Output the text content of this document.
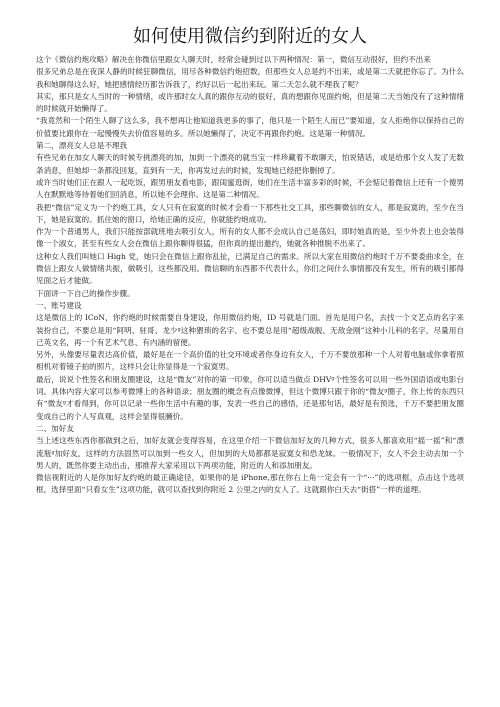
如何使用微信约到附近的女人

这个《微信约炮攻略》解决在你微信里跟女人聊天时，经常会碰到过以下两种情况：第一，微信互动很好，但约不出来

很多兄弟总是在夜深人静的时候狂聊微信，用尽各种微信约炮招数，但那些女人总是约不出来，或是第二天就把你忘了。为什么我和她聊得这么好，她把感情经历都告诉我了，约好以后一起出来玩。第二天怎么就不理我了呢？

其实，那只是女人当时的一种情绪，或许那时女人真的跟你互动的很好，真的想跟你见面约炮，但是第二天当她没有了这种情绪的时候就开始懒得了。

“我竟然和一个陌生人聊了这么多，我不想再让他知道我更多的事了，他只是一个陌生人而已”要知道，女人拒绝你以保持自己的价值要比跟你在一起慢慢失去价值容易的多。所以她懒得了，决定不再跟你约炮。这是第一种情况。

第二，漂亮女人总是不理我

有些兄弟在加女人聊天的时候专挑漂亮的加，加到一个漂亮的就当宝一样珍藏着不敢聊天，怕说错话，或是给那个女人发了无数条消息，但她却一条都没回复，直到有一天，你再发过去的时候，发现她已经把你删掉了。

或许当时她们正在跟人一起吃饭，跟男朋友看电影，跟闺蜜逛街，她们在生活丰富多彩的时候，不会惦记着微信上还有一个傻男人在默默地等待着她们回消息，所以她不会理你。这是第二种情况。

我把“微信”定义为一个约炮工具，女人只有在寂寞的时候才会看一下那些社交工具，那些聊微信的女人，都是寂寞的，至少在当下，她是寂寞的。抓住她的窗口，给她正确的反应，你就能约炮成功。

作为一个普通男人，我们只能按部就班地去吸引女人，所有的女人都不会成认自己是荡妇，即时她真的是，至少外表上也会装得像一个淑女，甚至有些女人会在微信上跟你聊得很猛，但你真的提出邀约，她就各种推脱不出来了。

这种女人我们叫她口 High 党，她只会在微信上跟你乱扯，已满足自己的需求。所以大家在用微信约炮时千万不要委曲求全，在微信上跟女人做情绪共振，做吸引，这些都没用。微信聊的东西都不代表什么，你们之间什么事情都没有发生，所有的吸引都得见面之后才能做。

下面讲一下自己的操作步骤。

一、账号建设

这是微信上的 ICoN，你约炮的时候需要自身建设，你用微信约炮，ID 号就是门面。首先是用户名，去找一个文艺点的名字来装扮自己，不要总是用“阿明、驻哥、龙少ᵍ这种猥琐的名字、也不要总是用“超级战舰、无敌金刚”这种小儿科的名字，尽量用自己英文名，再一个有艺术气息、有内涵的留便。

另外，头像要尽量表达高价值，最好是在一个高价值的社交环境或者你身边有女人，千万不要放那种一个人对着电脑或你拿着照相机对着镜子拍的照片，这样只会让你显得是一个寂寞男。

最后，说说个性签名和朋友圈建设，这是“微友”对你的第一印象，你可以适当做点 DHVᵍ个性签名可以用一些外国语语或电影台词。具体内容大家可以参考微博上的各种语录；朋友圈的概念有点像微博，但这个微博只跟于你的“微友ᵍ圈子，你上传的东西只有“微友ᵍ才看得到，你可以记录一些你生活中有趣的事，发表一些自己的感悟，还是那句话，最好是有预选，千万不要把朋友圈变成自己的个人写真观，这样会显得很臃价。

二、加好友

当上述这些东西你都做到之后，加好友就会变得容易，在这里介绍一下微信加好友的几种方式，很多人都喜欢用“摇一摇”和“漂流瓶ᵍ加好友，这样的方法固然可以加到一些女人，但加到的大局都都是寂寞女和恐龙妹。一般情况下，女人不会主动去加一个男人的，既然你要主动出击，那推荐大家采用以下两项功能，附近的人和添加朋友。

微信视附近的人是你加好友约炮的最正确途径，如果你的是 iPhone,那在你右上角一定会有一个“···”的选项框，点击这个选项框，选择里面“只看女生”这项功能，就可以查找到你附近 2 公里之内的女人了。这就跟你白天去“街搭”一样的道理。
